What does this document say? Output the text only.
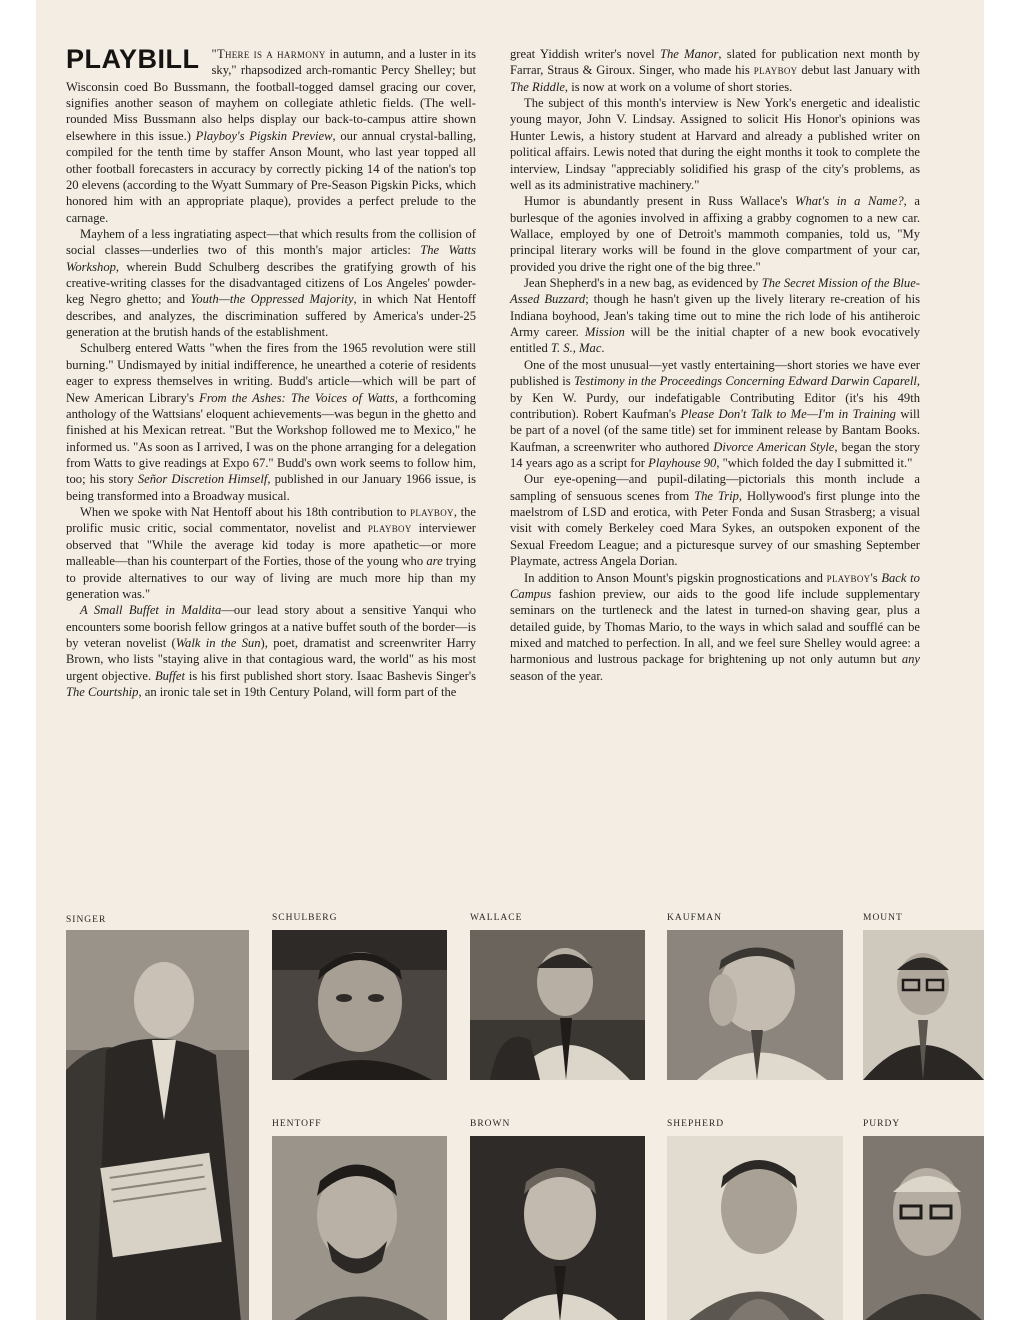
PLAYBILL "There is a harmony in autumn, and a luster in its sky," rhapsodized arch-romantic Percy Shelley; but Wisconsin coed Bo Bussmann, the football-togged damsel gracing our cover, signifies another season of mayhem on collegiate athletic fields. (The well-rounded Miss Bussmann also helps display our back-to-campus attire shown elsewhere in this issue.) Playboy's Pigskin Preview, our annual crystal-balling, compiled for the tenth time by staffer Anson Mount, who last year topped all other football forecasters in accuracy by correctly picking 14 of the nation's top 20 elevens (according to the Wyatt Summary of Pre-Season Pigskin Picks, which honored him with an appropriate plaque), provides a perfect prelude to the carnage.

Mayhem of a less ingratiating aspect—that which results from the collision of social classes—underlies two of this month's major articles: The Watts Workshop, wherein Budd Schulberg describes the gratifying growth of his creative-writing classes for the disadvantaged citizens of Los Angeles' powder-keg Negro ghetto; and Youth—the Oppressed Majority, in which Nat Hentoff describes, and analyzes, the discrimination suffered by America's under-25 generation at the brutish hands of the establishment.

Schulberg entered Watts "when the fires from the 1965 revolution were still burning." Undismayed by initial indifference, he unearthed a coterie of residents eager to express themselves in writing. Budd's article—which will be part of New American Library's From the Ashes: The Voices of Watts, a forthcoming anthology of the Wattsians' eloquent achievements—was begun in the ghetto and finished at his Mexican retreat. "But the Workshop followed me to Mexico," he informed us. "As soon as I arrived, I was on the phone arranging for a delegation from Watts to give readings at Expo 67." Budd's own work seems to follow him, too; his story Señor Discretion Himself, published in our January 1966 issue, is being transformed into a Broadway musical.

When we spoke with Nat Hentoff about his 18th contribution to playboy, the prolific music critic, social commentator, novelist and playboy interviewer observed that "While the average kid today is more apathetic—or more malleable—than his counterpart of the Forties, those of the young who are trying to provide alternatives to our way of living are much more hip than my generation was."

A Small Buffet in Maldita—our lead story about a sensitive Yanqui who encounters some boorish fellow gringos at a native buffet south of the border—is by veteran novelist (Walk in the Sun), poet, dramatist and screenwriter Harry Brown, who lists "staying alive in that contagious ward, the world" as his most urgent objective. Buffet is his first published short story. Isaac Bashevis Singer's The Courtship, an ironic tale set in 19th Century Poland, will form part of the

great Yiddish writer's novel The Manor, slated for publication next month by Farrar, Straus & Giroux. Singer, who made his playboy debut last January with The Riddle, is now at work on a volume of short stories.

The subject of this month's interview is New York's energetic and idealistic young mayor, John V. Lindsay. Assigned to solicit His Honor's opinions was Hunter Lewis, a history student at Harvard and already a published writer on political affairs. Lewis noted that during the eight months it took to complete the interview, Lindsay "appreciably solidified his grasp of the city's problems, as well as its administrative machinery."

Humor is abundantly present in Russ Wallace's What's in a Name?, a burlesque of the agonies involved in affixing a grabby cognomen to a new car. Wallace, employed by one of Detroit's mammoth companies, told us, "My principal literary works will be found in the glove compartment of your car, provided you drive the right one of the big three."

Jean Shepherd's in a new bag, as evidenced by The Secret Mission of the Blue-Assed Buzzard; though he hasn't given up the lively literary re-creation of his Indiana boyhood, Jean's taking time out to mine the rich lode of his antiheroic Army career. Mission will be the initial chapter of a new book evocatively entitled T. S., Mac.

One of the most unusual—yet vastly entertaining—short stories we have ever published is Testimony in the Proceedings Concerning Edward Darwin Caparell, by Ken W. Purdy, our indefatigable Contributing Editor (it's his 49th contribution). Robert Kaufman's Please Don't Talk to Me—I'm in Training will be part of a novel (of the same title) set for imminent release by Bantam Books. Kaufman, a screenwriter who authored Divorce American Style, began the story 14 years ago as a script for Playhouse 90, "which folded the day I submitted it."

Our eye-opening—and pupil-dilating—pictorials this month include a sampling of sensuous scenes from The Trip, Hollywood's first plunge into the maelstrom of LSD and erotica, with Peter Fonda and Susan Strasberg; a visual visit with comely Berkeley coed Mara Sykes, an outspoken exponent of the Sexual Freedom League; and a picturesque survey of our smashing September Playmate, actress Angela Dorian.

In addition to Anson Mount's pigskin prognostications and playboy's Back to Campus fashion preview, our aids to the good life include supplementary seminars on the turtleneck and the latest in turned-on shaving gear, plus a detailed guide, by Thomas Mario, to the ways in which salad and soufflé can be mixed and matched to perfection. In all, and we feel sure Shelley would agree: a harmonious and lustrous package for brightening up not only autumn but any season of the year.

SINGER	SCHULBERG	WALLACE	KAUFMAN	MOUNT
HENTOFF	BROWN	SHEPHERD	PURDY
